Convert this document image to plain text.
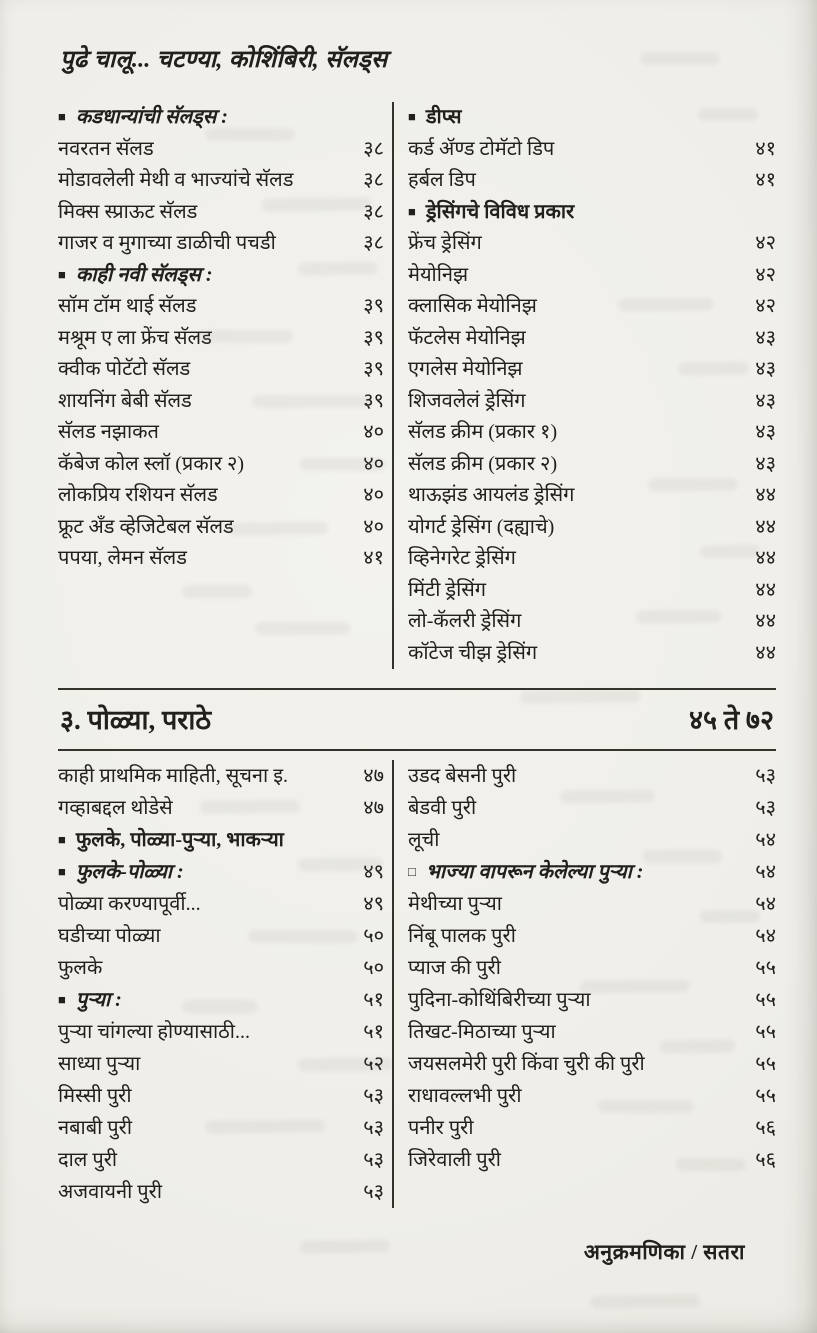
पुढे चालू... चटण्या, कोशिंबिरी, सॅलड्स
■ कडधान्यांची सॅलड्स :
नवरतन सॅलड	३८
मोडावलेली मेथी व भाज्यांचे सॅलड	३८
मिक्स स्प्राऊट सॅलड	३८
गाजर व मुगाच्या डाळीची पचडी	३८
■ काही नवी सॅलड्स :
सॉम टॉम थाई सॅलड	३९
मश्रूम ए ला फ्रेंच सॅलड	३९
क्वीक पोटॅटो सॅलड	३९
शायनिंग बेबी सॅलड	३९
सॅलड नझाकत	४०
कॅबेज कोल स्लॉ (प्रकार २)	४०
लोकप्रिय रशियन सॅलड	४०
फ्रूट अँड व्हेजिटेबल सॅलड	४०
पपया, लेमन सॅलड	४१
■ डीप्स
कर्ड ॲण्ड टोमॅटो डिप	४१
हर्बल डिप	४१
■ ड्रेसिंगचे विविध प्रकार
फ्रेंच ड्रेसिंग	४२
मेयोनिझ	४२
क्लासिक मेयोनिझ	४२
फॅटलेस मेयोनिझ	४३
एगलेस मेयोनिझ	४३
शिजवलेलं ड्रेसिंग	४३
सॅलड क्रीम (प्रकार १)	४३
सॅलड क्रीम (प्रकार २)	४३
थाऊझंड आयलंड ड्रेसिंग	४४
योगर्ट ड्रेसिंग (दह्याचे)	४४
व्हिनेगरेट ड्रेसिंग	४४
मिंटी ड्रेसिंग	४४
लो-कॅलरी ड्रेसिंग	४४
कॉटेज चीझ ड्रेसिंग	४४
३. पोळ्या, पराठे	४५ ते ७२
काही प्राथमिक माहिती, सूचना इ.	४७
गव्हाबद्दल थोडेसे	४७
■ फुलके, पोळ्या-पुऱ्या, भाकऱ्या
■ फुलके-पोळ्या :	४९
पोळ्या करण्यापूर्वी...	४९
घडीच्या पोळ्या	५०
फुलके	५०
■ पुऱ्या :	५१
पुऱ्या चांगल्या होण्यासाठी...	५१
साध्या पुऱ्या	५२
मिस्सी पुरी	५३
नबाबी पुरी	५३
दाल पुरी	५३
अजवायनी पुरी	५३
उडद बेसनी पुरी	५३
बेडवी पुरी	५३
लूची	५४
□ भाज्या वापरून केलेल्या पुऱ्या :	५४
मेथीच्या पुऱ्या	५४
निंबू पालक पुरी	५४
प्याज की पुरी	५५
पुदिना-कोथिंबिरीच्या पुऱ्या	५५
तिखट-मिठाच्या पुऱ्या	५५
जयसलमेरी पुरी किंवा चुरी की पुरी	५५
राधावल्लभी पुरी	५५
पनीर पुरी	५६
जिरेवाली पुरी	५६
अनुक्रमणिका / सतरा
